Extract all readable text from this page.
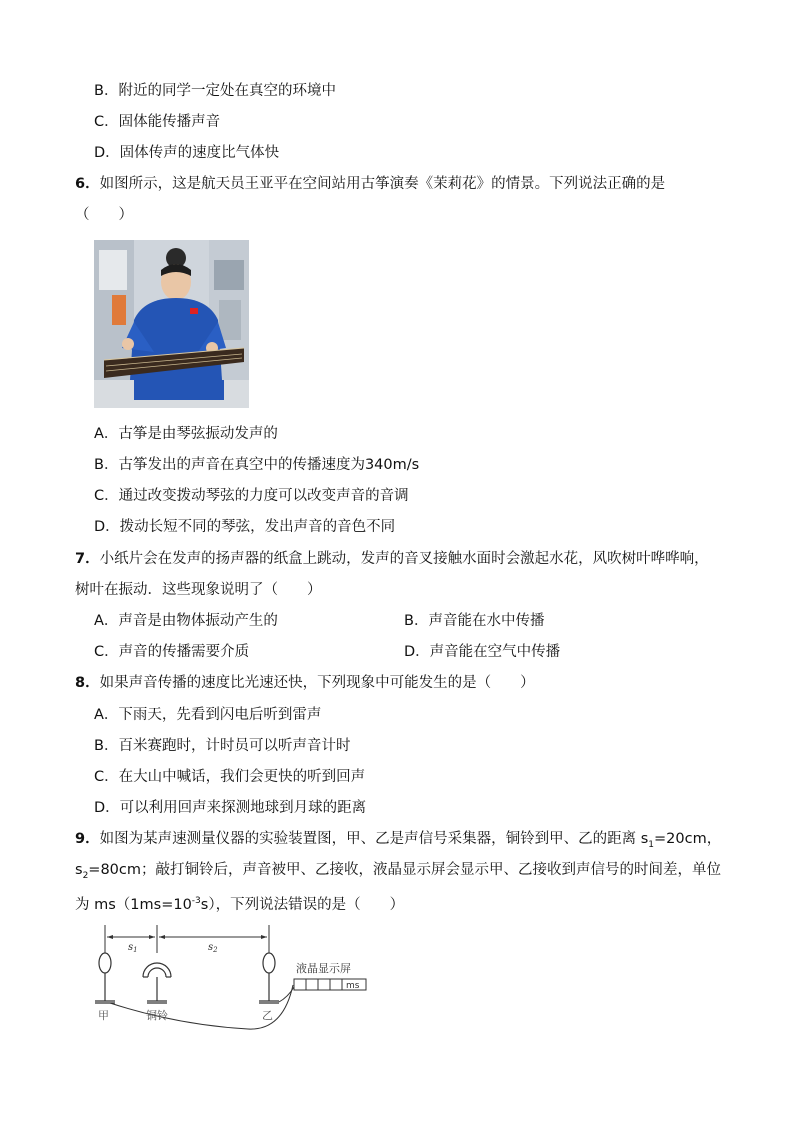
B．附近的同学一定处在真空的环境中
C．固体能传播声音
D．固体传声的速度比气体快
6．如图所示，这是航天员王亚平在空间站用古筝演奏《茉莉花》的情景。下列说法正确的是
（　　）
A．古筝是由琴弦振动发声的
B．古筝发出的声音在真空中的传播速度为340m/s
C．通过改变拨动琴弦的力度可以改变声音的音调
D．拨动长短不同的琴弦，发出声音的音色不同
7．小纸片会在发声的扬声器的纸盒上跳动，发声的音叉接触水面时会激起水花，风吹树叶哗哗响，
树叶在振动．这些现象说明了（　　）
A．声音是由物体振动产生的	B．声音能在水中传播
C．声音的传播需要介质	D．声音能在空气中传播
8．如果声音传播的速度比光速还快，下列现象中可能发生的是（　　）
A．下雨天，先看到闪电后听到雷声
B．百米赛跑时，计时员可以听声音计时
C．在大山中喊话，我们会更快的听到回声
D．可以利用回声来探测地球到月球的距离
9．如图为某声速测量仪器的实验装置图，甲、乙是声信号采集器，铜铃到甲、乙的距离 $s_1=20cm$，
$s_2=80cm$；敲打铜铃后，声音被甲、乙接收，液晶显示屏会显示甲、乙接收到声信号的时间差，单位
为 $ms(1ms=10^{-3}s)$，下列说法错误的是（　　）
$s_1$	$s_2$
液晶显示屏
ms
甲	铜铃	乙
